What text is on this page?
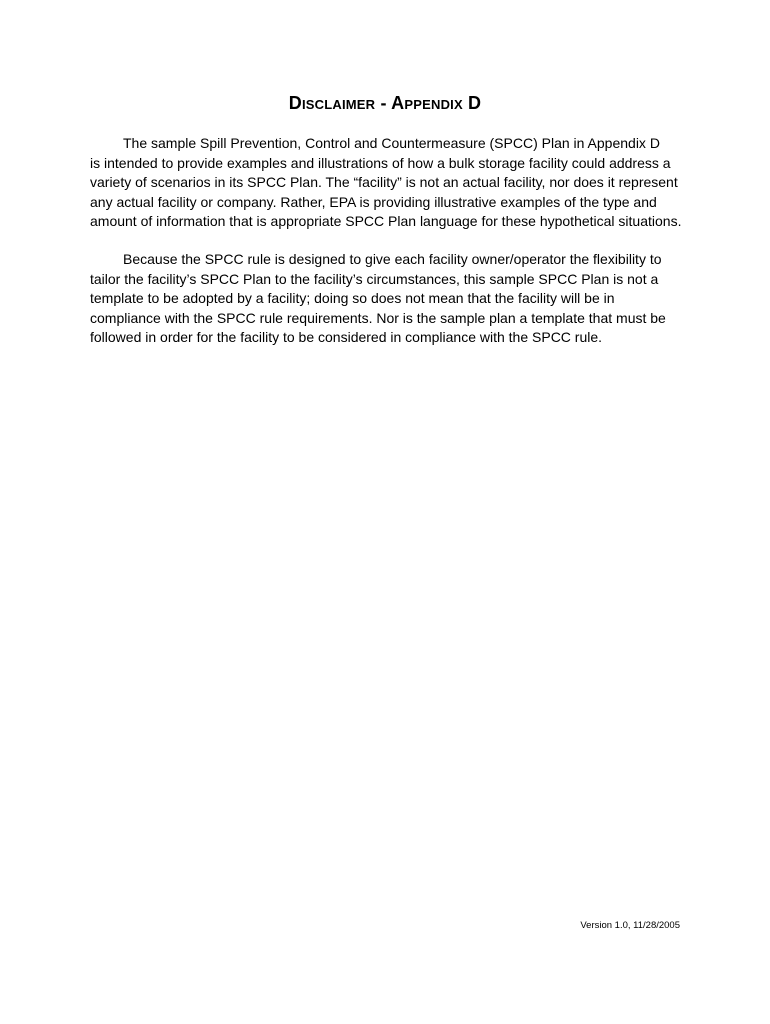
Disclaimer - Appendix D

The sample Spill Prevention, Control and Countermeasure (SPCC) Plan in Appendix D
is intended to provide examples and illustrations of how a bulk storage facility could address a
variety of scenarios in its SPCC Plan. The “facility” is not an actual facility, nor does it represent
any actual facility or company. Rather, EPA is providing illustrative examples of the type and
amount of information that is appropriate SPCC Plan language for these hypothetical situations.

Because the SPCC rule is designed to give each facility owner/operator the flexibility to
tailor the facility’s SPCC Plan to the facility’s circumstances, this sample SPCC Plan is not a
template to be adopted by a facility; doing so does not mean that the facility will be in
compliance with the SPCC rule requirements. Nor is the sample plan a template that must be
followed in order for the facility to be considered in compliance with the SPCC rule.

Version 1.0, 11/28/2005
